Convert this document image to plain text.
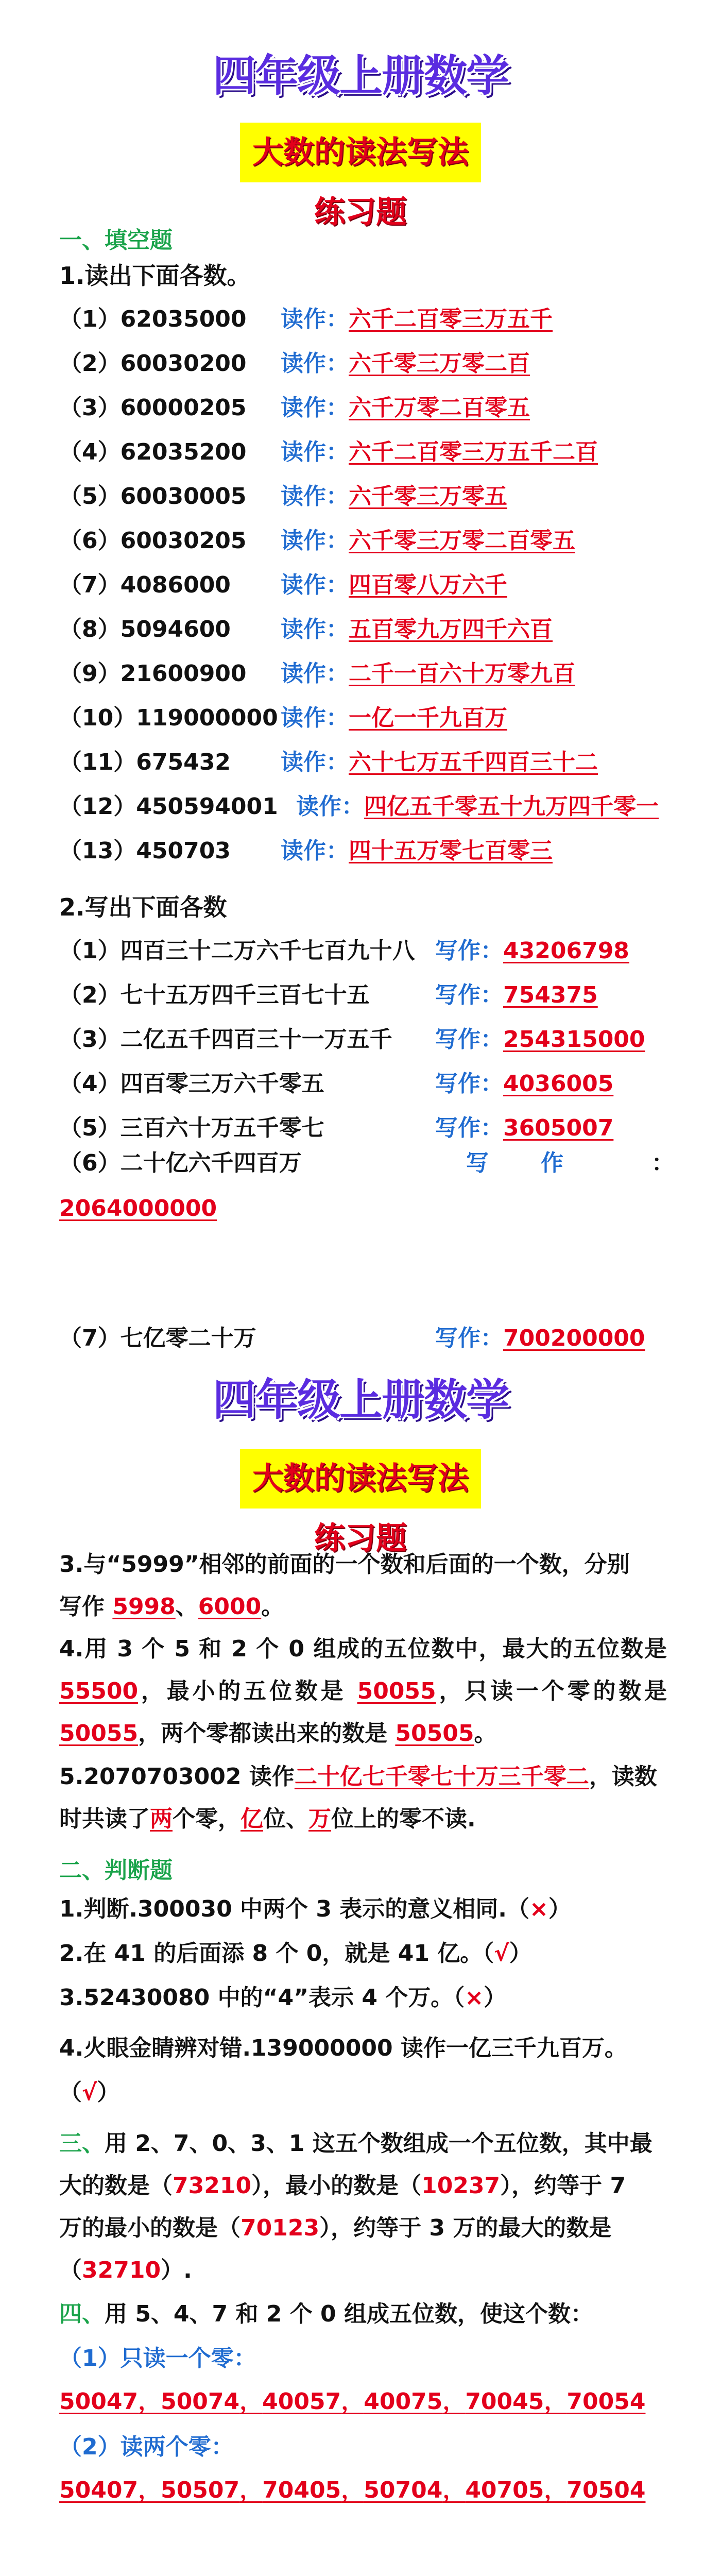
四年级上册数学
大数的读法写法练习题
一、填空题
1.读出下面各数。
（1）62035000 读作：六千二百零三万五千
（2）60030200 读作：六千零三万零二百
（3）60000205 读作：六千万零二百零五
（4）62035200 读作：六千二百零三万五千二百
（5）60030005 读作：六千零三万零五
（6）60030205 读作：六千零三万零二百零五
（7）4086000 读作：四百零八万六千
（8）5094600 读作：五百零九万四千六百
（9）21600900 读作：二千一百六十万零九百
（10）119000000 读作：一亿一千九百万
（11）675432 读作：六十七万五千四百三十二
（12）450594001 读作：四亿五千零五十九万四千零一
（13）450703 读作：四十五万零七百零三
2.写出下面各数
（1）四百三十二万六千七百九十八 写作：43206798
（2）七十五万四千三百七十五	写作：754375
（3）二亿五千四百三十一万五千 写作：254315000
（4）四百零三万六千零五	写作：4036005
（5）三百六十万五千零七	写作：3605007
（6）二十亿六千四百万	写 作	：
2064000000
（7）七亿零二十万	写作：700200000
四年级上册数学
大数的读法写法练习题
3.与“5999”相邻的前面的一个数和后面的一个数，分别
写作 5998、6000。
4.用 3 个 5 和 2 个 0 组成的五位数中，最大的五位数是 55500，最小的五位数是 50055，只读一个零的数是 50055，两个零都读出来的数是 50505。
5.2070703002 读作二十亿七千零七十万三千零二，读数
时共读了两个零，亿位、万位上的零不读.
二、判断题
1.判断.300030 中两个 3 表示的意义相同.（×）
2.在 41 的后面添 8 个 0，就是 41 亿。（√）
3.52430080 中的“4”表示 4 个万。（×）
4.火眼金睛辨对错.139000000 读作一亿三千九百万。
（√）
三、用 2、7、0、3、1 这五个数组成一个五位数，其中最
大的数是（73210），最小的数是（10237），约等于 7
万的最小的数是（70123），约等于 3 万的最大的数是
（32710）.
四、用 5、4、7 和 2 个 0 组成五位数，使这个数：
（1）只读一个零：
50047，50074，40057，40075，70045，70054
（2）读两个零：
50407，50507，70405，50704，40705，70504
